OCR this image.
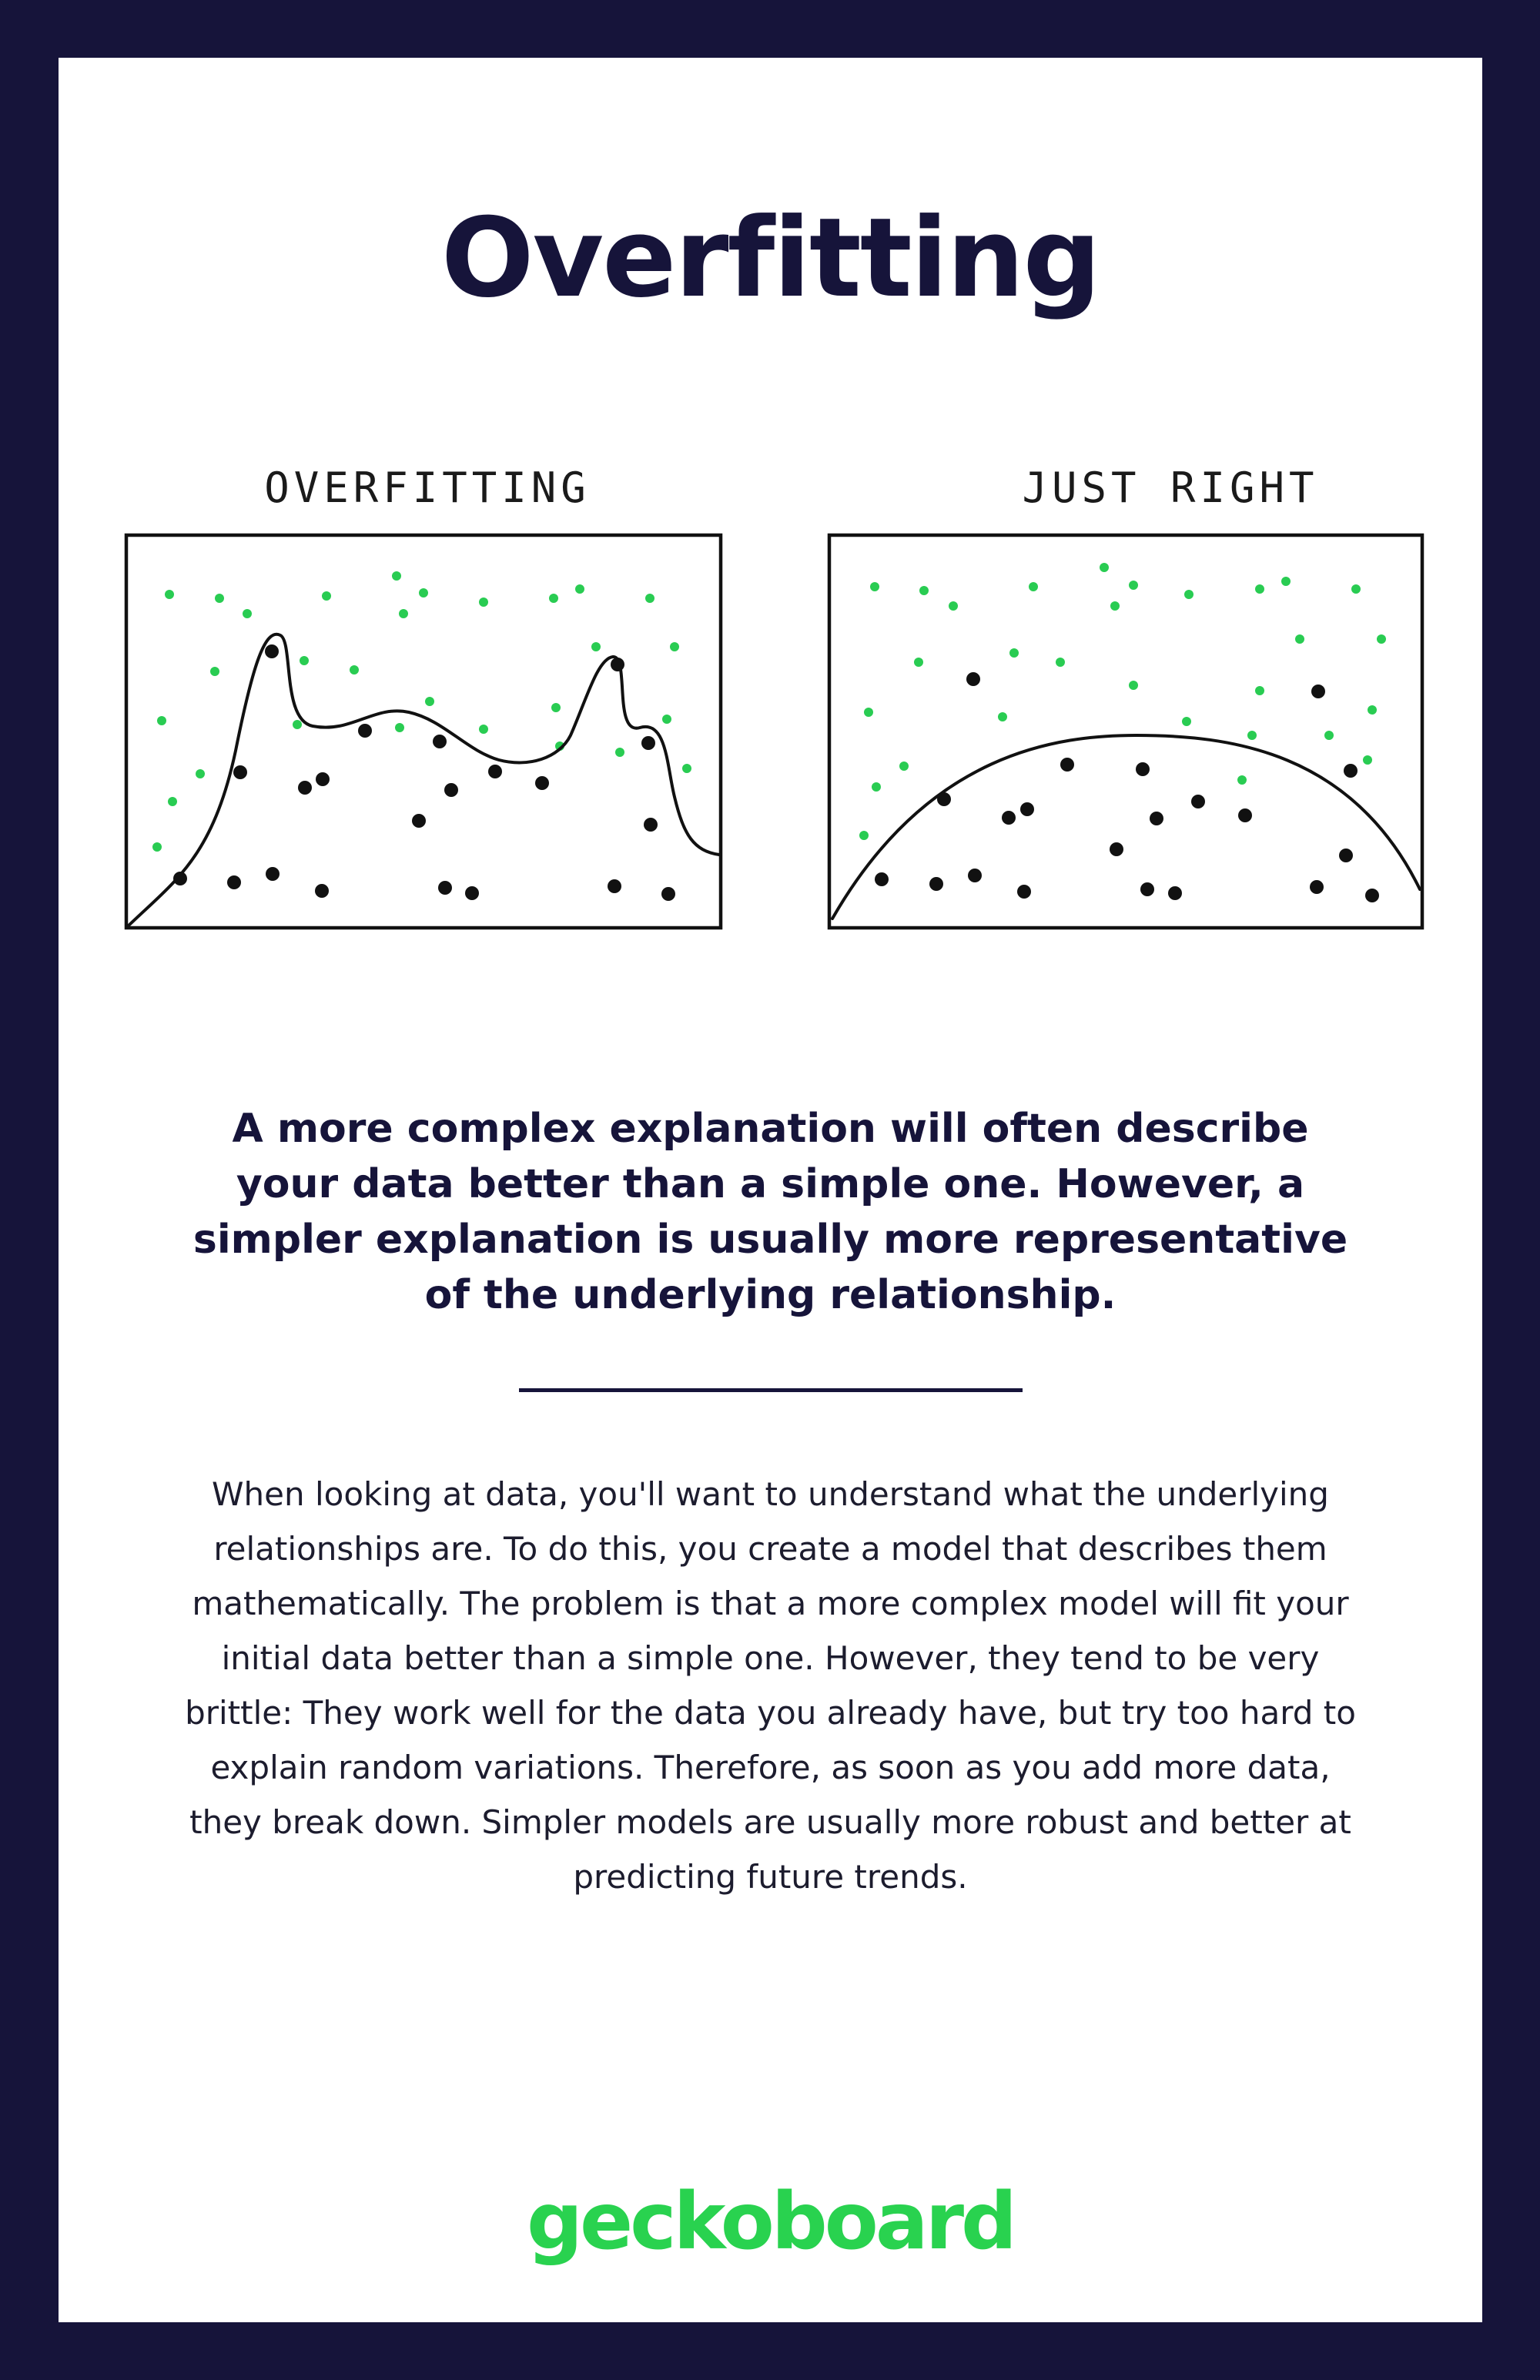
Overfitting
OVERFITTING	JUST RIGHT

A more complex explanation will often describe your data better than a simple one. However, a simpler explanation is usually more representative of the underlying relationship.

When looking at data, you'll want to understand what the underlying relationships are. To do this, you create a model that describes them mathematically. The problem is that a more complex model will fit your initial data better than a simple one. However, they tend to be very brittle: They work well for the data you already have, but try too hard to explain random variations. Therefore, as soon as you add more data, they break down. Simpler models are usually more robust and better at predicting future trends.

geckoboard
